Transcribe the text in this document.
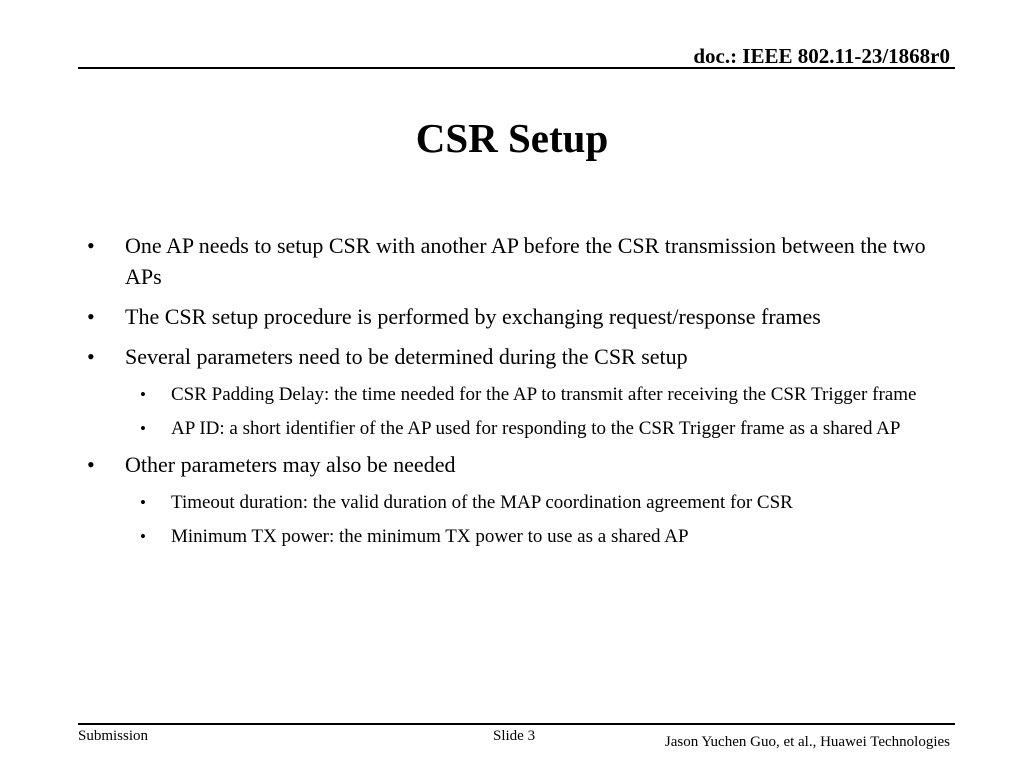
doc.: IEEE 802.11-23/1868r0
CSR Setup
• One AP needs to setup CSR with another AP before the CSR transmission between the two APs
• The CSR setup procedure is performed by exchanging request/response frames
• Several parameters need to be determined during the CSR setup
• CSR Padding Delay: the time needed for the AP to transmit after receiving the CSR Trigger frame
• AP ID: a short identifier of the AP used for responding to the CSR Trigger frame as a shared AP
• Other parameters may also be needed
• Timeout duration: the valid duration of the MAP coordination agreement for CSR
• Minimum TX power: the minimum TX power to use as a shared AP
Submission	Slide 3	Jason Yuchen Guo, et al., Huawei Technologies
